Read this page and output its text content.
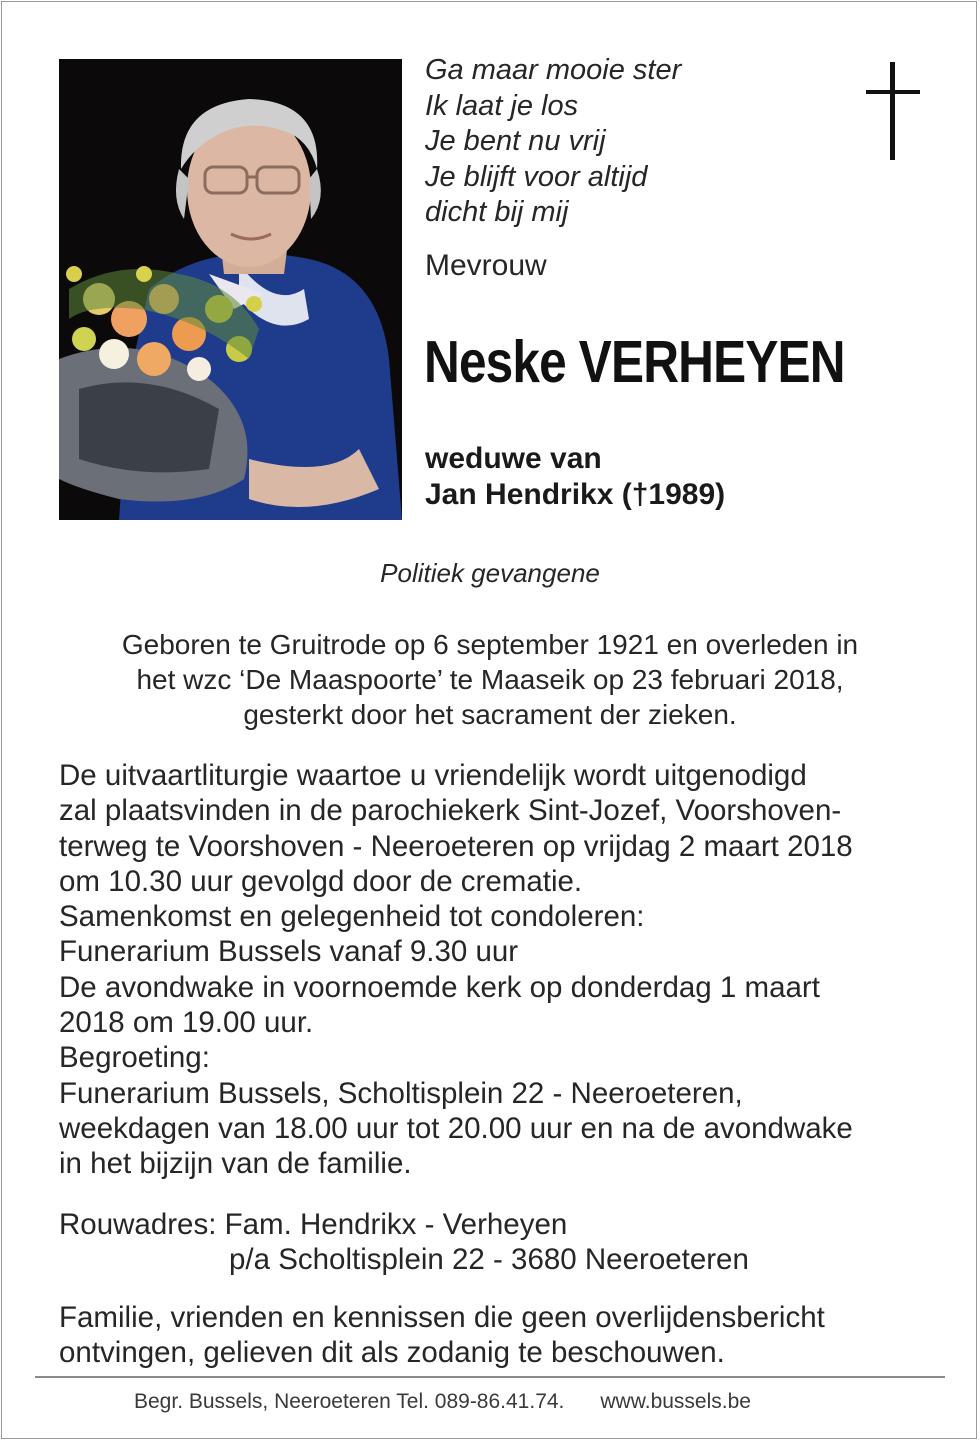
Ga maar mooie ster
Ik laat je los
Je bent nu vrij
Je blijft voor altijd
dicht bij mij
Mevrouw
Neske VERHEYEN
weduwe van
Jan Hendrikx (†1989)
Politiek gevangene
Geboren te Gruitrode op 6 september 1921 en overleden in
het wzc ‘De Maaspoorte’ te Maaseik op 23 februari 2018,
gesterkt door het sacrament der zieken.
De uitvaartliturgie waartoe u vriendelijk wordt uitgenodigd
zal plaatsvinden in de parochiekerk Sint-Jozef, Voorshoven-
terweg te Voorshoven - Neeroeteren op vrijdag 2 maart 2018
om 10.30 uur gevolgd door de crematie.
Samenkomst en gelegenheid tot condoleren:
Funerarium Bussels vanaf 9.30 uur
De avondwake in voornoemde kerk op donderdag 1 maart
2018 om 19.00 uur.
Begroeting:
Funerarium Bussels, Scholtisplein 22 - Neeroeteren,
weekdagen van 18.00 uur tot 20.00 uur en na de avondwake
in het bijzijn van de familie.
Rouwadres: Fam. Hendrikx - Verheyen
p/a Scholtisplein 22 - 3680 Neeroeteren
Familie, vrienden en kennissen die geen overlijdensbericht
ontvingen, gelieven dit als zodanig te beschouwen.
Begr. Bussels, Neeroeteren Tel. 089-86.41.74. www.bussels.be
